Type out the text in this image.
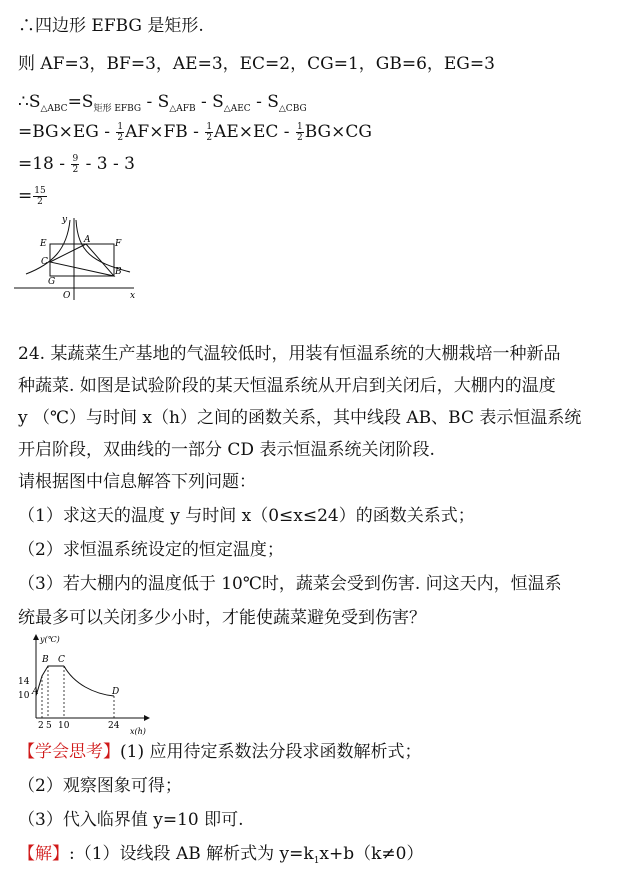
∴四边形 EFBG 是矩形.
则 AF=3，BF=3，AE=3，EC=2，CG=1，GB=6，EG=3
$\therefore S_{\triangle ABC}=S_{矩形 EFBG} - S_{\triangle AFB} - S_{\triangle AEC} - S_{\triangle CBG}$
$=BG\times EG - \frac{1}{2} AF\times FB - \frac{1}{2} AE\times EC - \frac{1}{2} BG\times CG$
$=18 - \frac{9}{2} - 3 - 3$
= $\frac{15}{2}$
y
x
E	A	F
C
B
G
O
24. 某蔬菜生产基地的气温较低时，用装有恒温系统的大棚栽培一种新品
种蔬菜. 如图是试验阶段的某天恒温系统从开启到关闭后，大棚内的温度
y （℃）与时间 x（h）之间的函数关系，其中线段 AB、BC 表示恒温系统
开启阶段，双曲线的一部分 CD 表示恒温系统关闭阶段.
请根据图中信息解答下列问题：
（1）求这天的温度 y 与时间 x（0≤x≤24）的函数关系式；
（2）求恒温系统设定的恒定温度；
（3）若大棚内的温度低于 10℃时，蔬菜会受到伤害. 问这天内，恒温系
统最多可以关闭多少小时，才能使蔬菜避免受到伤害？
y(℃)
x(h)
14
10
2 5 10	24
A
B C
D
【学会思考】(1) 应用待定系数法分段求函数解析式；
（2）观察图象可得；
（3）代入临界值 y=10 即可.
【解】:（1）设线段 AB 解析式为 $y=k_1x+b(k\ne 0)$
